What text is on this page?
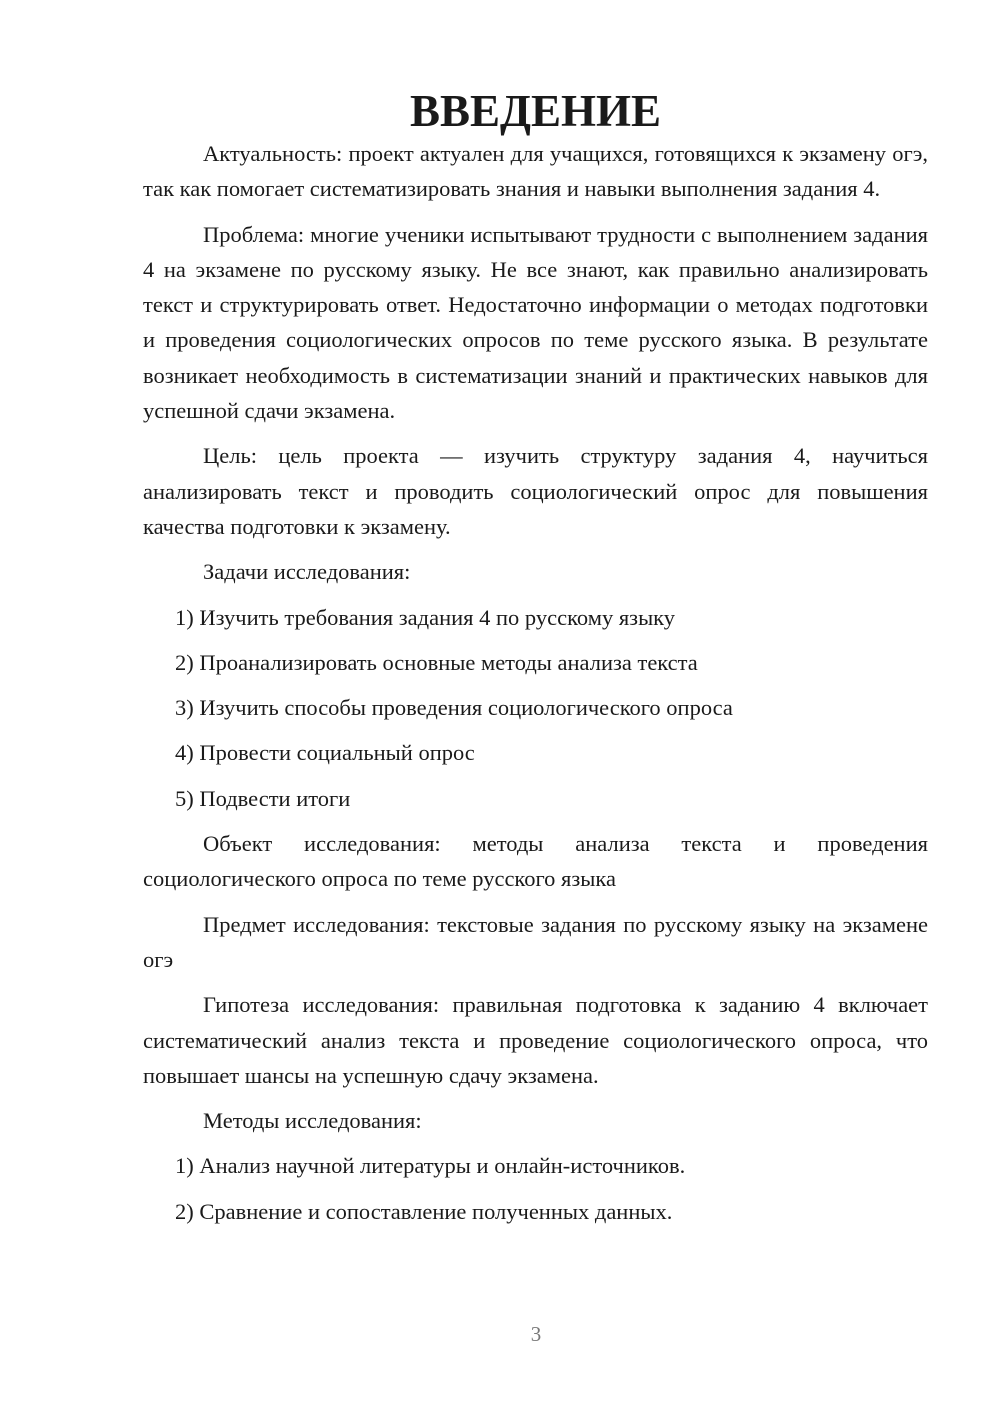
ВВЕДЕНИЕ

Актуальность: проект актуален для учащихся, готовящихся к экзамену огэ, так как помогает систематизировать знания и навыки выполнения задания 4.

Проблема: многие ученики испытывают трудности с выполнением задания 4 на экзамене по русскому языку. Не все знают, как правильно анализировать текст и структурировать ответ. Недостаточно информации о методах подготовки и проведения социологических опросов по теме русского языка. В результате возникает необходимость в систематизации знаний и практических навыков для успешной сдачи экзамена.

Цель: цель проекта — изучить структуру задания 4, научиться анализировать текст и проводить социологический опрос для повышения качества подготовки к экзамену.

Задачи исследования:

1) Изучить требования задания 4 по русскому языку
2) Проанализировать основные методы анализа текста
3) Изучить способы проведения социологического опроса
4) Провести социальный опрос
5) Подвести итоги

Объект исследования: методы анализа текста и проведения социологического опроса по теме русского языка

Предмет исследования: текстовые задания по русскому языку на экзамене огэ

Гипотеза исследования: правильная подготовка к заданию 4 включает систематический анализ текста и проведение социологического опроса, что повышает шансы на успешную сдачу экзамена.

Методы исследования:

1) Анализ научной литературы и онлайн-источников.
2) Сравнение и сопоставление полученных данных.
3
